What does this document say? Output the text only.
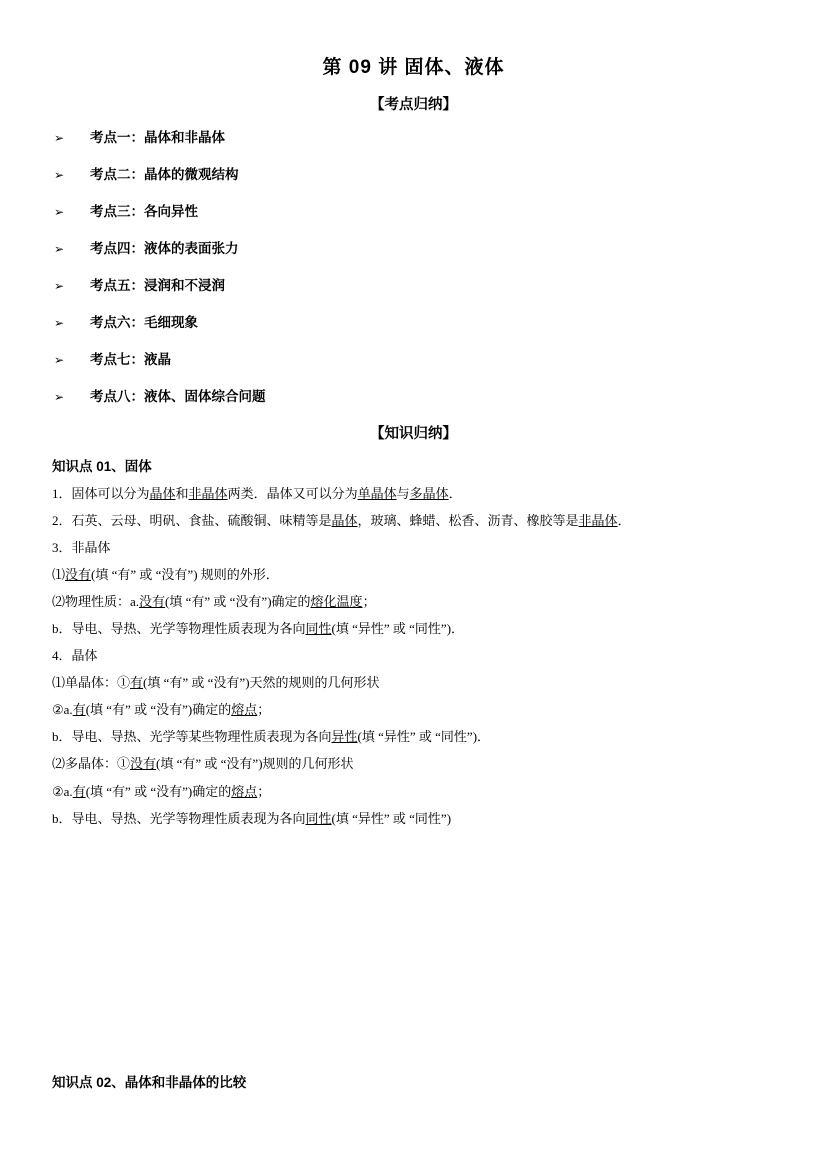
第 09 讲 固体、液体
【考点归纳】
➢	考点一：晶体和非晶体
➢	考点二：晶体的微观结构
➢	考点三：各向异性
➢	考点四：液体的表面张力
➢	考点五：浸润和不浸润
➢	考点六：毛细现象
➢	考点七：液晶
➢	考点八：液体、固体综合问题
【知识归纳】
知识点 01、固体

1．固体可以分为晶体和非晶体两类．晶体又可以分为单晶体与多晶体．

2．石英、云母、明矾、食盐、硫酸铜、味精等是晶体，玻璃、蜂蜡、松香、沥青、橡胶等是非晶体．

3．非晶体

⑴没有(填 “有” 或 “没有”) 规则的外形．

⑵物理性质：a.没有(填 “有” 或 “没有”)确定的熔化温度；

b．导电、导热、光学等物理性质表现为各向同性(填 “异性” 或 “同性”)．

4．晶体

⑴单晶体：①有(填 “有” 或 “没有”)天然的规则的几何形状

②a.有(填 “有” 或 “没有”)确定的熔点；

b．导电、导热、光学等某些物理性质表现为各向异性(填 “异性” 或 “同性”)．

⑵多晶体：①没有(填 “有” 或 “没有”)规则的几何形状

②a.有(填 “有” 或 “没有”)确定的熔点；

b．导电、导热、光学等物理性质表现为各向同性(填 “异性” 或 “同性”)

知识点 02、晶体和非晶体的比较
